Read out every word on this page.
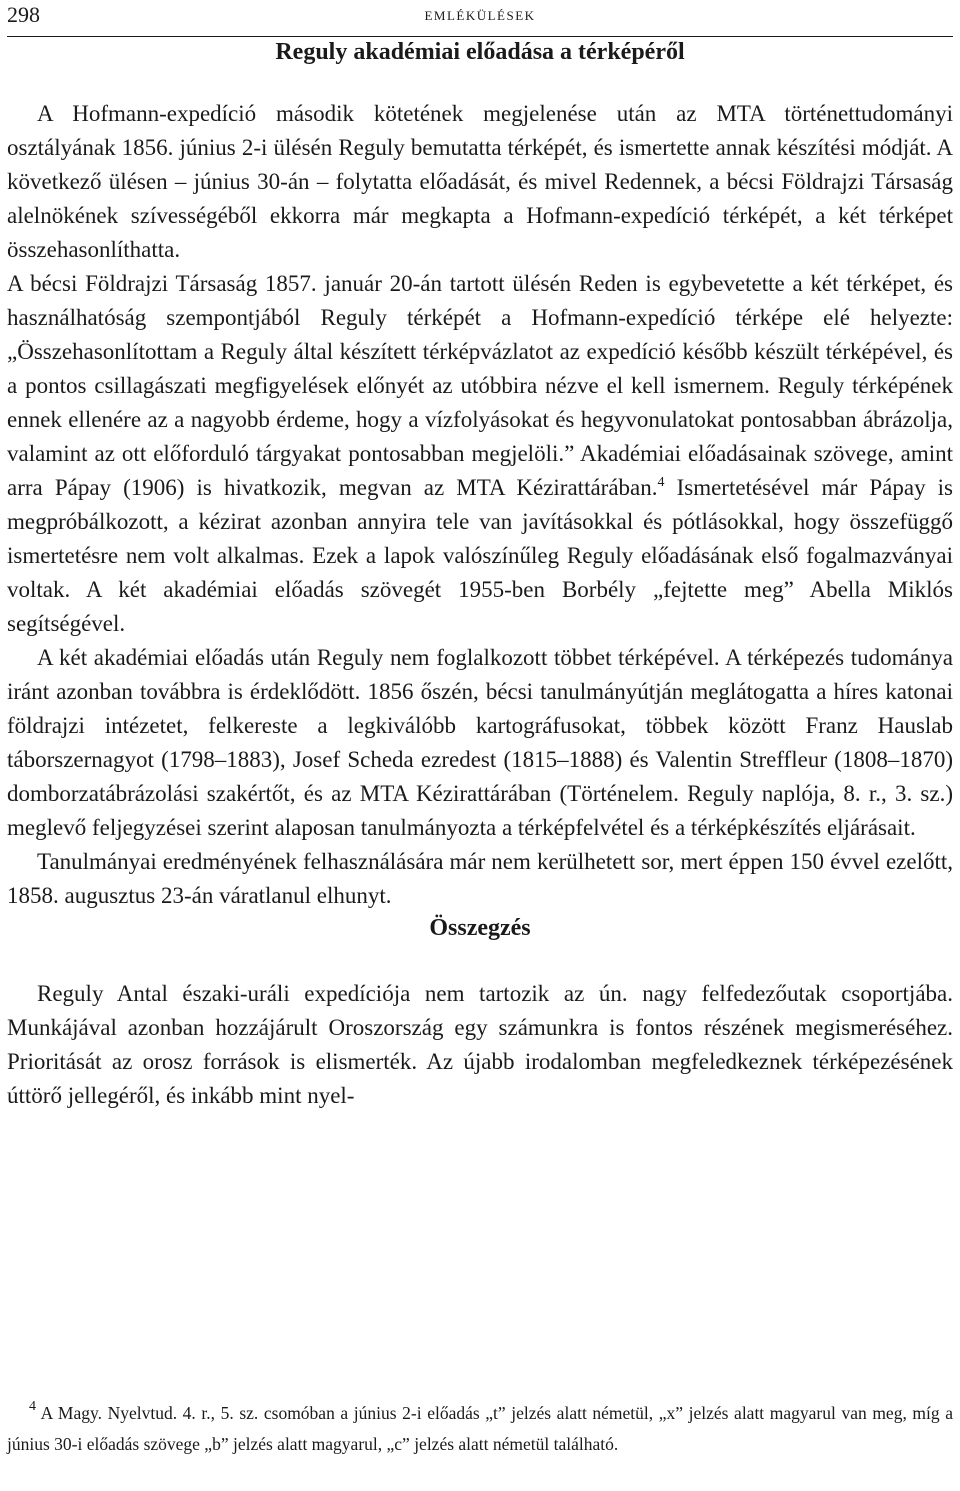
298	emlékülések
Reguly akadémiai előadása a térképéről

A Hofmann-expedíció második kötetének megjelenése után az MTA történettudományi osztályának 1856. június 2-i ülésén Reguly bemutatta térképét, és ismertette annak készítési módját. A következő ülésen – június 30-án – folytatta előadását, és mivel Redennek, a bécsi Földrajzi Társaság alelnökének szívességéből ekkorra már megkapta a Hofmann-expedíció térképét, a két térképet összehasonlíthatta.

A bécsi Földrajzi Társaság 1857. január 20-án tartott ülésén Reden is egybevetette a két térképet, és használhatóság szempontjából Reguly térképét a Hofmann-expedíció térképe elé helyezte: „Összehasonlítottam a Reguly által készített térképvázlatot az expedíció később készült térképével, és a pontos csillagászati megfigyelések előnyét az utóbbira nézve el kell ismernem. Reguly térképének ennek ellenére az a nagyobb érdeme, hogy a vízfolyásokat és hegyvonulatokat pontosabban ábrázolja, valamint az ott előforduló tárgyakat pontosabban megjelöli.” Akadémiai előadásainak szövege, amint arra Pápay (1906) is hivatkozik, megvan az MTA Kézirattárában.$^4$ Ismertetésével már Pápay is megpróbálkozott, a kézirat azonban annyira tele van javításokkal és pótlásokkal, hogy összefüggő ismertetésre nem volt alkalmas. Ezek a lapok valószínűleg Reguly előadásának első fogalmazványai voltak. A két akadémiai előadás szövegét 1955-ben Borbély „fejtette meg” Abella Miklós segítségével.

A két akadémiai előadás után Reguly nem foglalkozott többet térképével. A térképezés tudománya iránt azonban továbbra is érdeklődött. 1856 őszén, bécsi tanulmányútján meglátogatta a híres katonai földrajzi intézetet, felkereste a legkiválóbb kartográfusokat, többek között Franz Hauslab táborszernagyot (1798–1883), Josef Scheda ezredest (1815–1888) és Valentin Streffleur (1808–1870) domborzatábrázolási szakértőt, és az MTA Kézirattárában (Történelem. Reguly naplója, 8. r., 3. sz.) meglevő feljegyzései szerint alaposan tanulmányozta a térképfelvétel és a térképkészítés eljárásait.

Tanulmányai eredményének felhasználására már nem kerülhetett sor, mert éppen 150 évvel ezelőtt, 1858. augusztus 23-án váratlanul elhunyt.

Összegzés

Reguly Antal északi-uráli expedíciója nem tartozik az ún. nagy felfedezőutak csoportjába. Munkájával azonban hozzájárult Oroszország egy számunkra is fontos részének megismeréséhez. Prioritását az orosz források is elismerték. Az újabb irodalomban megfeledkeznek térképezésének úttörő jellegéről, és inkább mint nyel-

$^4$ A Magy. Nyelvtud. 4. r., 5. sz. csomóban a június 2-i előadás „t” jelzés alatt németül, „x” jelzés alatt magyarul van meg, míg a június 30-i előadás szövege „b” jelzés alatt magyarul, „c” jelzés alatt németül található.
